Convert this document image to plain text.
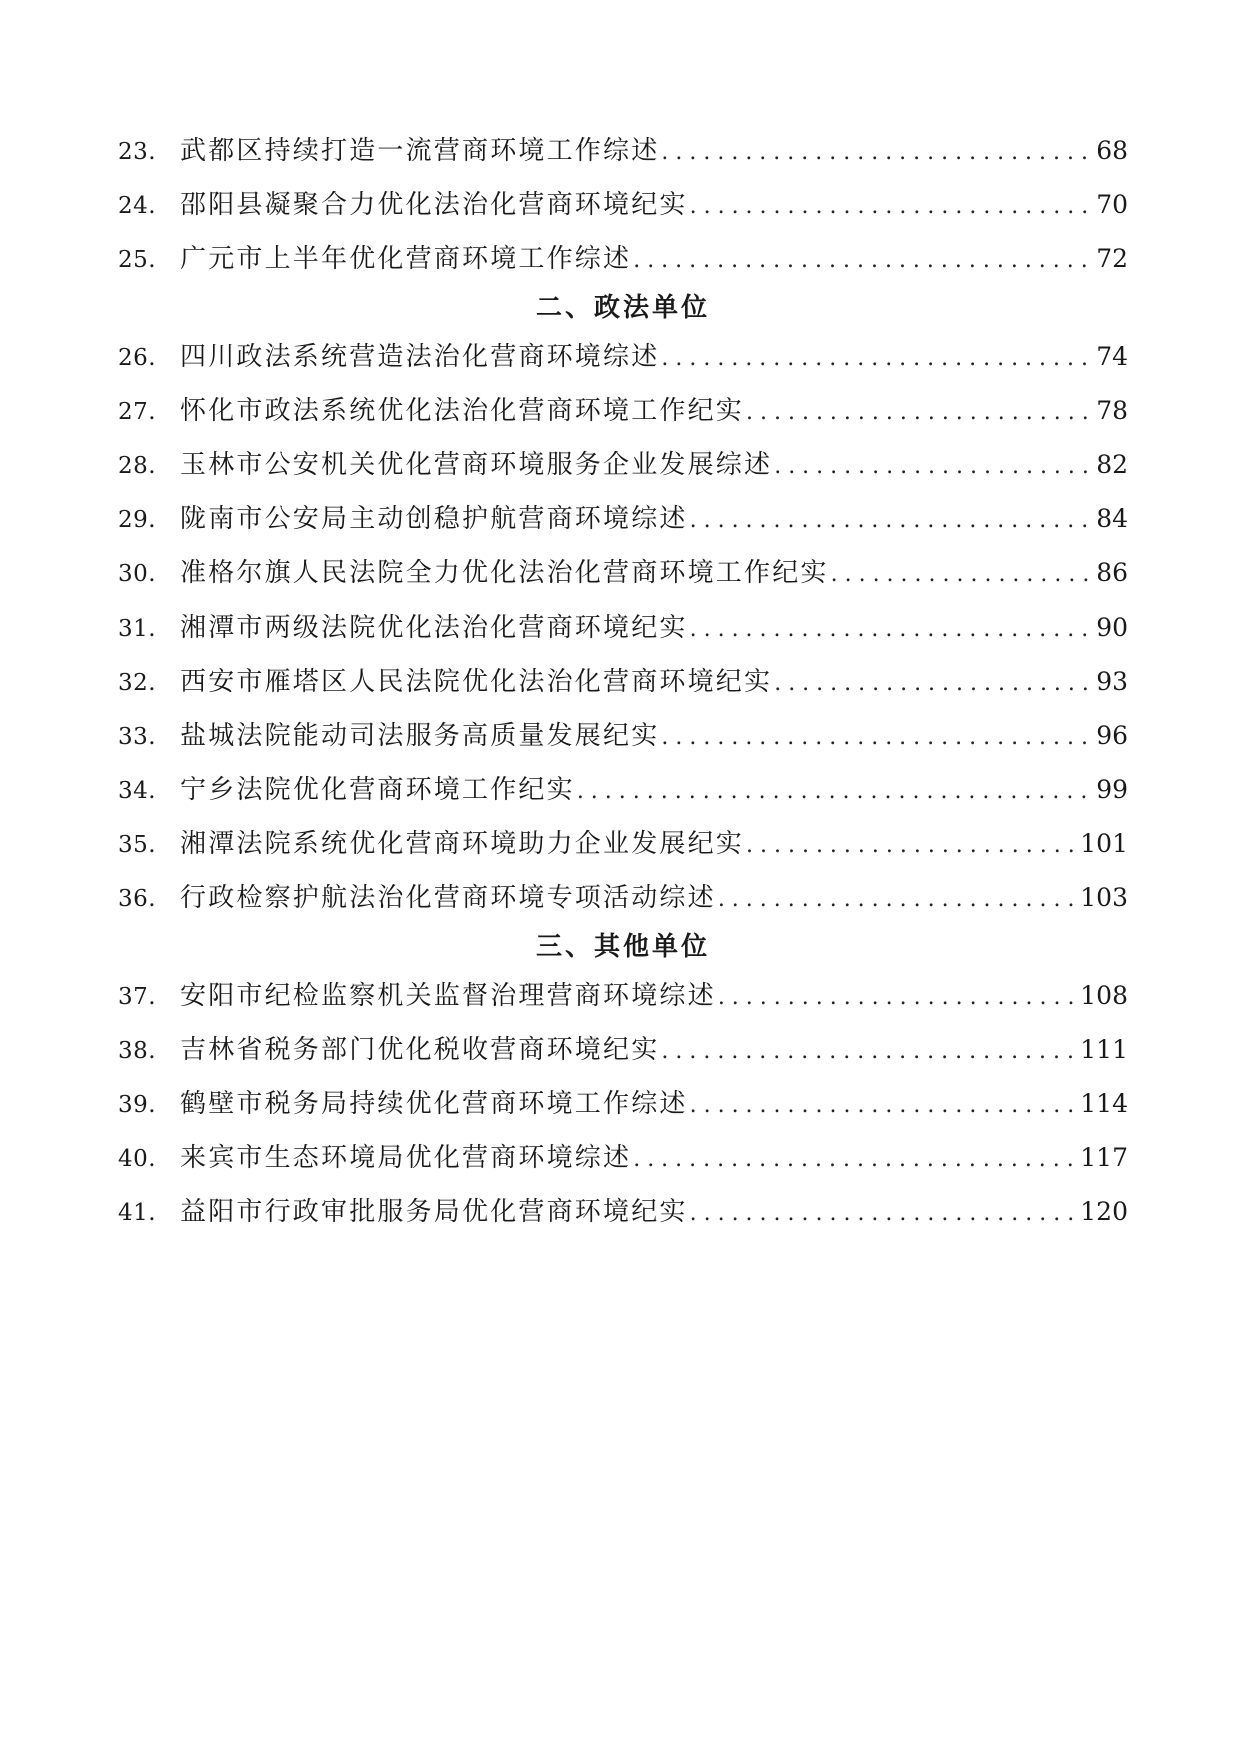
23. 武都区持续打造一流营商环境工作综述 . . .	68
24. 邵阳县凝聚合力优化法治化营商环境纪实 . . .	70
25. 广元市上半年优化营商环境工作综述 . . .	72
二、政法单位
26. 四川政法系统营造法治化营商环境综述 . . .	74
27. 怀化市政法系统优化法治化营商环境工作纪实 . . .	78
28. 玉林市公安机关优化营商环境服务企业发展综述 . . .	82
29. 陇南市公安局主动创稳护航营商环境综述 . . .	84
30. 准格尔旗人民法院全力优化法治化营商环境工作纪实 . . .	86
31. 湘潭市两级法院优化法治化营商环境纪实 . . .	90
32. 西安市雁塔区人民法院优化法治化营商环境纪实 . . .	93
33. 盐城法院能动司法服务高质量发展纪实 . . .	96
34. 宁乡法院优化营商环境工作纪实 . . .	99
35. 湘潭法院系统优化营商环境助力企业发展纪实 . . .	101
36. 行政检察护航法治化营商环境专项活动综述 . . .	103
三、其他单位
37. 安阳市纪检监察机关监督治理营商环境综述 . . .	108
38. 吉林省税务部门优化税收营商环境纪实 . . .	111
39. 鹤壁市税务局持续优化营商环境工作综述 . . .	114
40. 来宾市生态环境局优化营商环境综述 . . .	117
41. 益阳市行政审批服务局优化营商环境纪实 . . .	120
